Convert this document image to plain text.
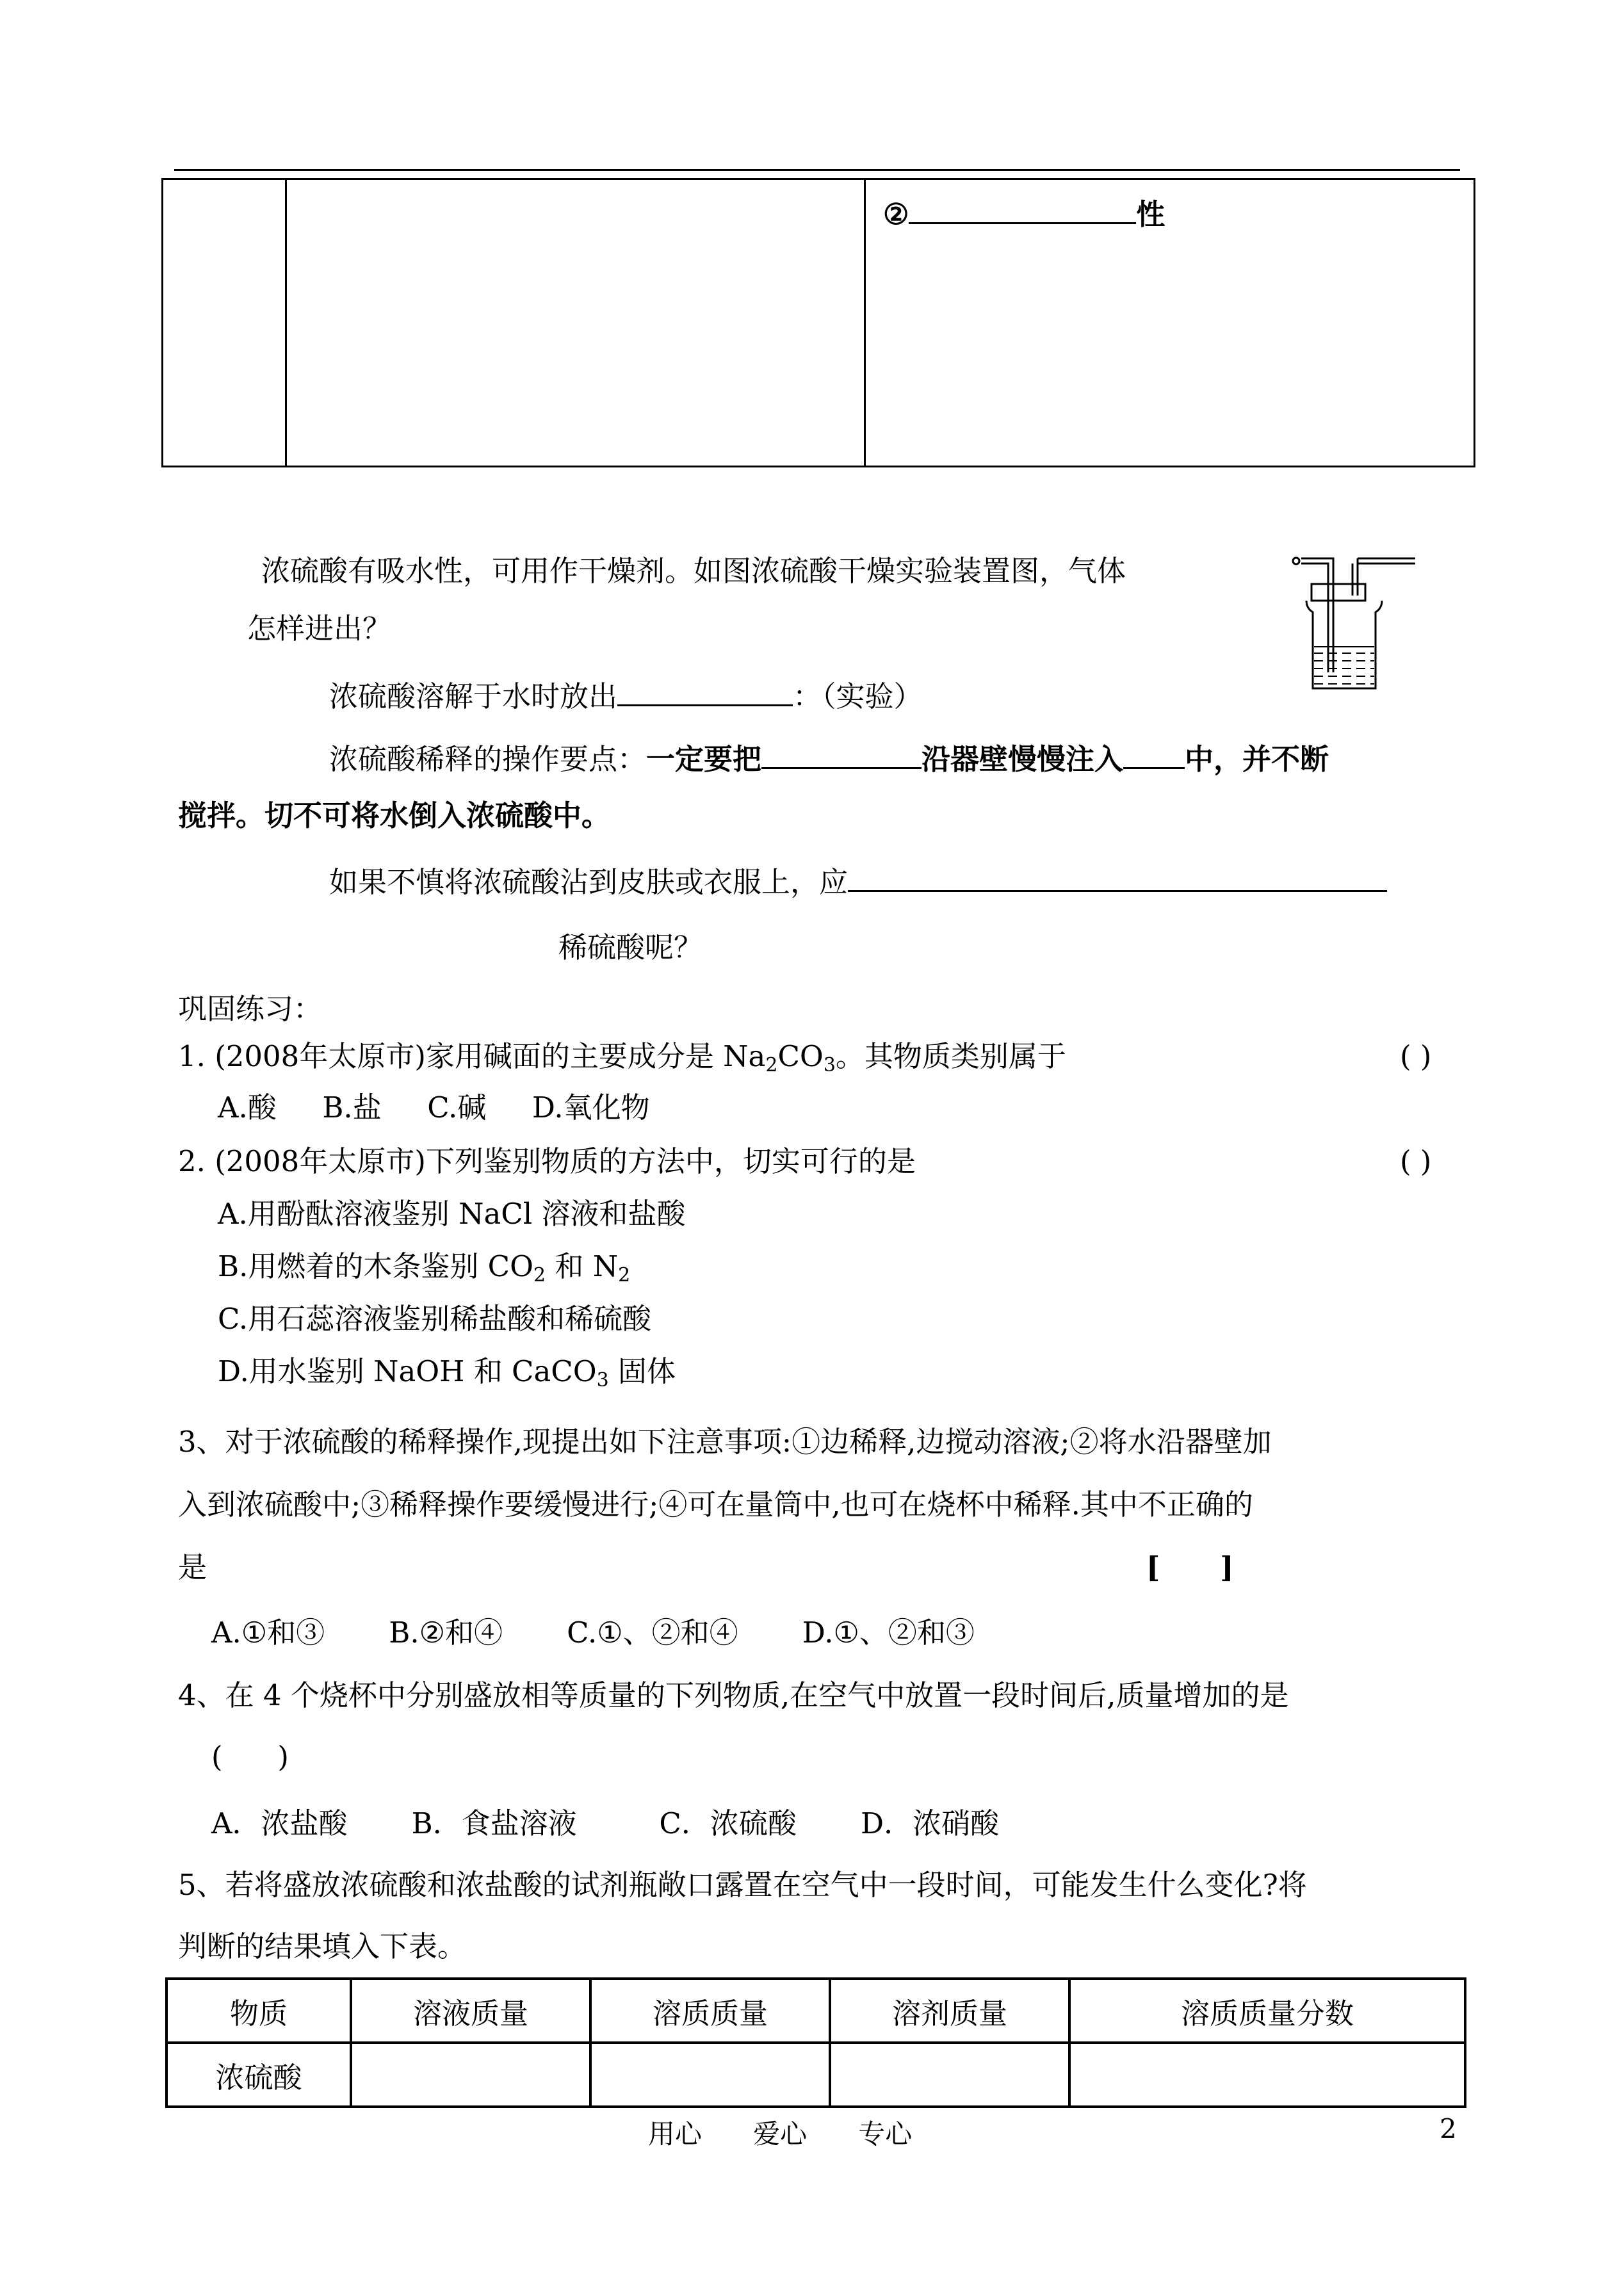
②	性
浓硫酸有吸水性，可用作干燥剂。如图浓硫酸干燥实验装置图，气体
怎样进出？
浓硫酸溶解于水时放出	：（实验）
浓硫酸稀释的操作要点：一定要把	沿器壁慢慢注入 中，并不断
搅拌。切不可将水倒入浓硫酸中。
如果不慎将浓硫酸沾到皮肤或衣服上，应
稀硫酸呢？
巩固练习：
1. (2008年太原市)家用碱面的主要成分是 $Na_2CO_3$。其物质类别属于	( )
A.酸     B.盐     C.碱     D.氧化物
2. (2008年太原市)下列鉴别物质的方法中，切实可行的是	( )
A.用酚酞溶液鉴别 NaCl 溶液和盐酸
B.用燃着的木条鉴别 $CO_2$ 和 $N_2$
C.用石蕊溶液鉴别稀盐酸和稀硫酸
D.用水鉴别 NaOH 和 CaCO$_3$ 固体
3、对于浓硫酸的稀释操作,现提出如下注意事项:①边稀释,边搅动溶液;②将水沿器壁加
入到浓硫酸中;③稀释操作要缓慢进行;④可在量筒中,也可在烧杯中稀释.其中不正确的
是	[      ]
A.①和③       B.②和④       C.①、②和④       D.①、②和③
4、在 4 个烧杯中分别盛放相等质量的下列物质,在空气中放置一段时间后,质量增加的是
(      )
A．浓盐酸       B．食盐溶液         C．浓硫酸       D．浓硝酸
5、若将盛放浓硫酸和浓盐酸的试剂瓶敞口露置在空气中一段时间，可能发生什么变化?将
判断的结果填入下表。
物质	溶液质量	溶质质量	溶剂质量	溶质质量分数
浓硫酸				
用心      爱心      专心	2
